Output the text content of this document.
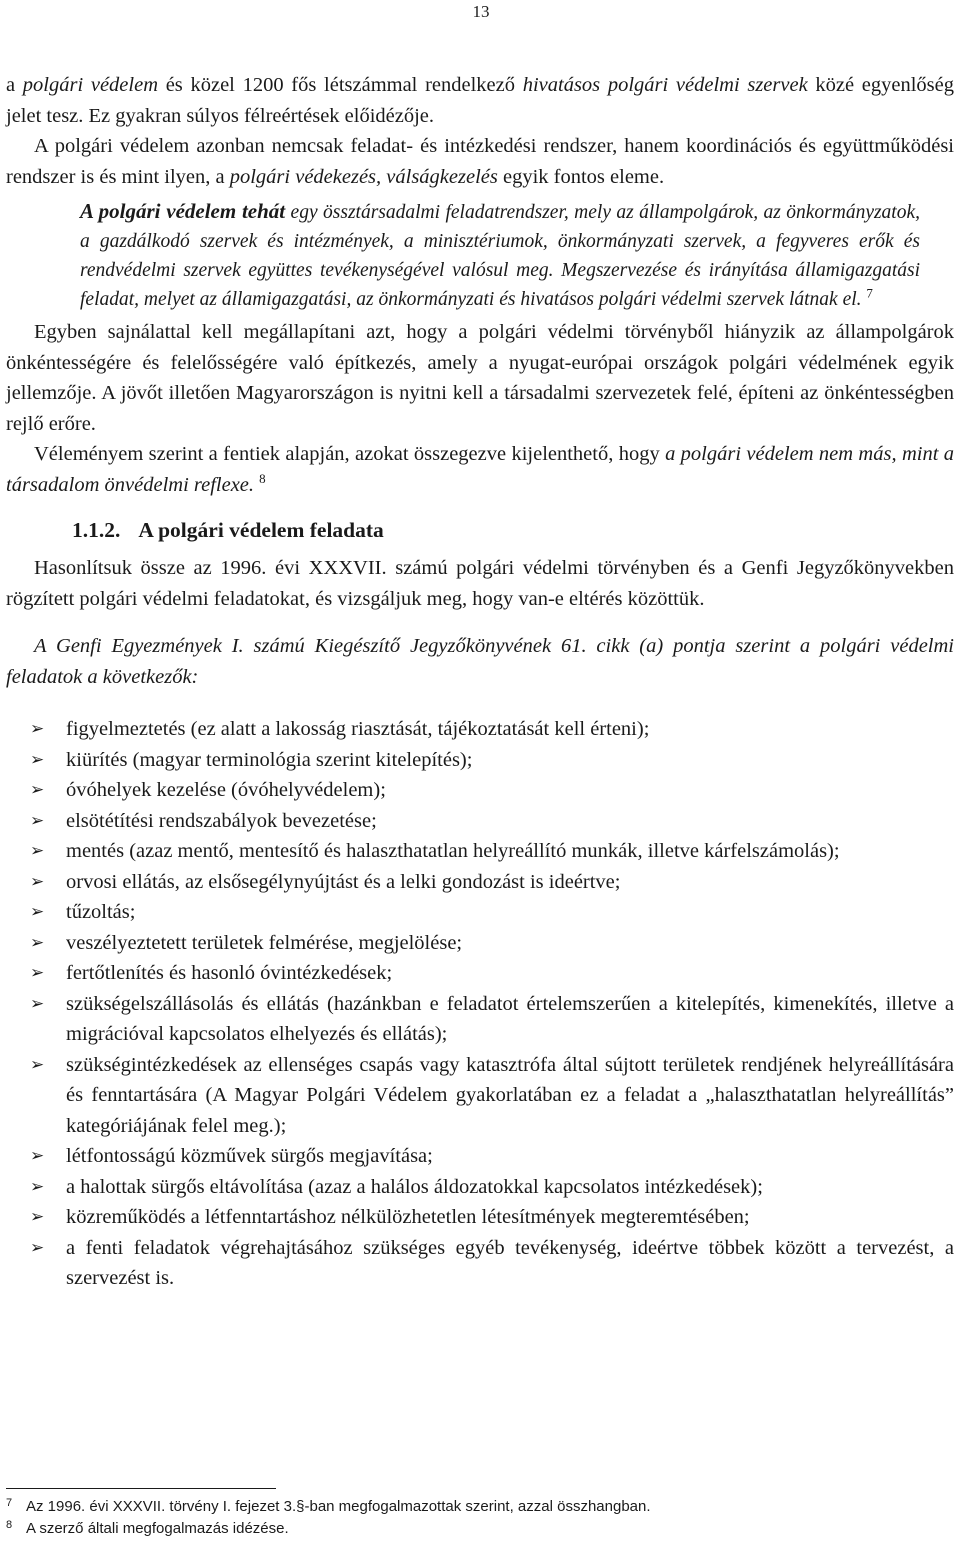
13

a polgári védelem és közel 1200 fős létszámmal rendelkező hivatásos polgári védelmi szervek közé egyenlőség jelet tesz. Ez gyakran súlyos félreértések előidézője.

A polgári védelem azonban nemcsak feladat- és intézkedési rendszer, hanem koordinációs és együttműködési rendszer is és mint ilyen, a polgári védekezés, válságkezelés egyik fontos eleme.

A polgári védelem tehát egy össztársadalmi feladatrendszer, mely az állampolgárok, az önkormányzatok, a gazdálkodó szervek és intézmények, a minisztériumok, önkormányzati szervek, a fegyveres erők és rendvédelmi szervek együttes tevékenységével valósul meg. Megszervezése és irányítása államigazgatási feladat, melyet az államigazgatási, az önkormányzati és hivatásos polgári védelmi szervek látnak el. $^7$

Egyben sajnálattal kell megállapítani azt, hogy a polgári védelmi törvényből hiányzik az állampolgárok önkéntességére és felelősségére való építkezés, amely a nyugat-európai országok polgári védelmének egyik jellemzője. A jövőt illetően Magyarországon is nyitni kell a társadalmi szervezetek felé, építeni az önkéntességben rejlő erőre.

Véleményem szerint a fentiek alapján, azokat összegezve kijelenthető, hogy a polgári védelem nem más, mint a társadalom önvédelmi reflexe. $^8$

1.1.2. A polgári védelem feladata

Hasonlítsuk össze az 1996. évi XXXVII. számú polgári védelmi törvényben és a Genfi Jegyzőkönyvekben rögzített polgári védelmi feladatokat, és vizsgáljuk meg, hogy van-e eltérés közöttük.

A Genfi Egyezmények I. számú Kiegészítő Jegyzőkönyvének 61. cikk (a) pontja szerint a polgári védelmi feladatok a következők:

➢ figyelmeztetés (ez alatt a lakosság riasztását, tájékoztatását kell érteni);
➢ kiürítés (magyar terminológia szerint kitelepítés);
➢ óvóhelyek kezelése (óvóhelyvédelem);
➢ elsötétítési rendszabályok bevezetése;
➢ mentés (azaz mentő, mentesítő és halaszthatatlan helyreállító munkák, illetve kárfelszámolás);
➢ orvosi ellátás, az elsősegélynyújtást és a lelki gondozást is ideértve;
➢ tűzoltás;
➢ veszélyeztetett területek felmérése, megjelölése;
➢ fertőtlenítés és hasonló óvintézkedések;
➢ szükségelszállásolás és ellátás (hazánkban e feladatot értelemszerűen a kitelepítés, kimenekítés, illetve a migrációval kapcsolatos elhelyezés és ellátás);
➢ szükségintézkedések az ellenséges csapás vagy katasztrófa által sújtott területek rendjének helyreállítására és fenntartására (A Magyar Polgári Védelem gyakorlatában ez a feladat a „halaszthatatlan helyreállítás” kategóriájának felel meg.);
➢ létfontosságú közművek sürgős megjavítása;
➢ a halottak sürgős eltávolítása (azaz a halálos áldozatokkal kapcsolatos intézkedések);
➢ közreműködés a létfenntartáshoz nélkülözhetetlen létesítmények megteremtésében;
➢ a fenti feladatok végrehajtásához szükséges egyéb tevékenység, ideértve többek között a tervezést, a szervezést is.
7 Az 1996. évi XXXVII. törvény I. fejezet 3.§-ban megfogalmazottak szerint, azzal összhangban.
8 A szerző általi megfogalmazás idézése.
